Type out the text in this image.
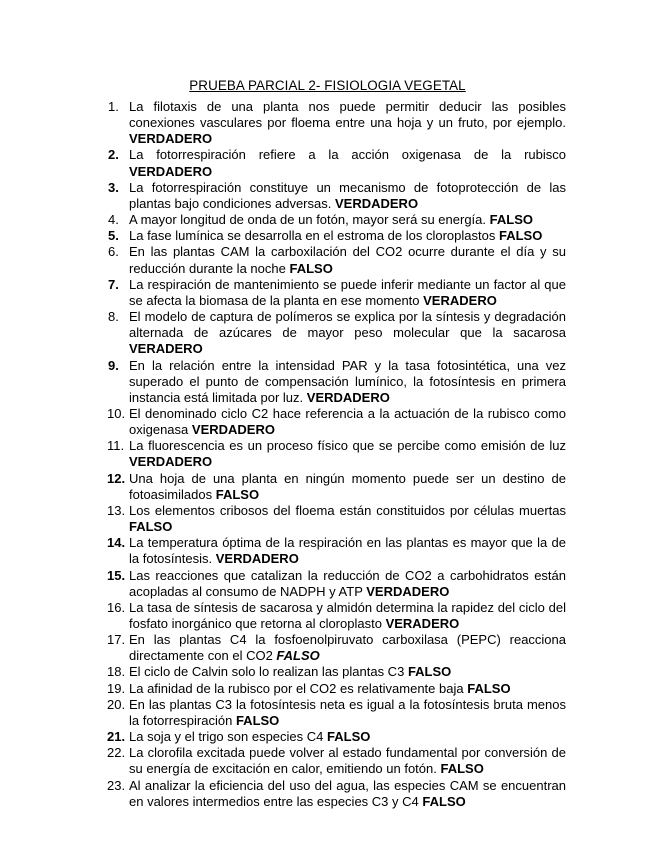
PRUEBA PARCIAL 2- FISIOLOGIA VEGETAL
1. La filotaxis de una planta nos puede permitir deducir las posibles conexiones vasculares por floema entre una hoja y un fruto, por ejemplo. VERDADERO
2. La fotorrespiración refiere a la acción oxigenasa de la rubisco VERDADERO
3. La fotorrespiración constituye un mecanismo de fotoprotección de las plantas bajo condiciones adversas. VERDADERO
4. A mayor longitud de onda de un fotón, mayor será su energía. FALSO
5. La fase lumínica se desarrolla en el estroma de los cloroplastos FALSO
6. En las plantas CAM la carboxilación del CO2 ocurre durante el día y su reducción durante la noche FALSO
7. La respiración de mantenimiento se puede inferir mediante un factor al que se afecta la biomasa de la planta en ese momento VERADERO
8. El modelo de captura de polímeros se explica por la síntesis y degradación alternada de azúcares de mayor peso molecular que la sacarosa VERADERO
9. En la relación entre la intensidad PAR y la tasa fotosintética, una vez superado el punto de compensación lumínico, la fotosíntesis en primera instancia está limitada por luz. VERDADERO
10. El denominado ciclo C2 hace referencia a la actuación de la rubisco como oxigenasa VERDADERO
11. La fluorescencia es un proceso físico que se percibe como emisión de luz VERDADERO
12. Una hoja de una planta en ningún momento puede ser un destino de fotoasimilados FALSO
13. Los elementos cribosos del floema están constituidos por células muertas FALSO
14. La temperatura óptima de la respiración en las plantas es mayor que la de la fotosíntesis. VERDADERO
15. Las reacciones que catalizan la reducción de CO2 a carbohidratos están acopladas al consumo de NADPH y ATP VERDADERO
16. La tasa de síntesis de sacarosa y almidón determina la rapidez del ciclo del fosfato inorgánico que retorna al cloroplasto VERADERO
17. En las plantas C4 la fosfoenolpiruvato carboxilasa (PEPC) reacciona directamente con el CO2 FALSO
18. El ciclo de Calvin solo lo realizan las plantas C3 FALSO
19. La afinidad de la rubisco por el CO2 es relativamente baja FALSO
20. En las plantas C3 la fotosíntesis neta es igual a la fotosíntesis bruta menos la fotorrespiración FALSO
21. La soja y el trigo son especies C4 FALSO
22. La clorofila excitada puede volver al estado fundamental por conversión de su energía de excitación en calor, emitiendo un fotón. FALSO
23. Al analizar la eficiencia del uso del agua, las especies CAM se encuentran en valores intermedios entre las especies C3 y C4 FALSO
